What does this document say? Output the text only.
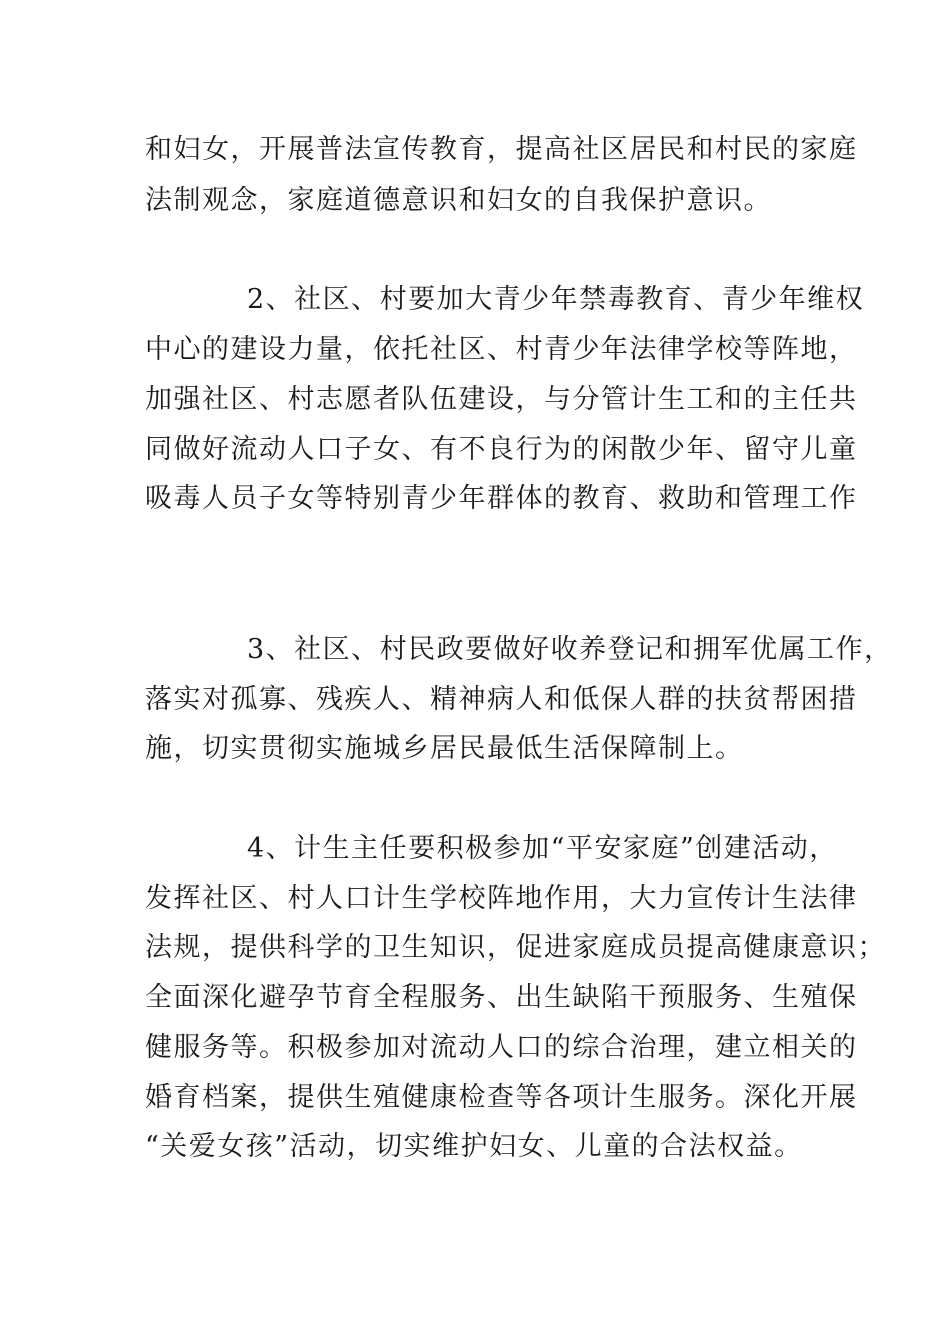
和妇女，开展普法宣传教育，提高社区居民和村民的家庭
法制观念，家庭道德意识和妇女的自我保护意识。
2、社区、村要加大青少年禁毒教育、青少年维权
中心的建设力量，依托社区、村青少年法律学校等阵地，
加强社区、村志愿者队伍建设，与分管计生工和的主任共
同做好流动人口子女、有不良行为的闲散少年、留守儿童
吸毒人员子女等特别青少年群体的教育、救助和管理工作
3、社区、村民政要做好收养登记和拥军优属工作，
落实对孤寡、残疾人、精神病人和低保人群的扶贫帮困措
施，切实贯彻实施城乡居民最低生活保障制上。
4、计生主任要积极参加“平安家庭”创建活动，
发挥社区、村人口计生学校阵地作用，大力宣传计生法律
法规，提供科学的卫生知识，促进家庭成员提高健康意识；
全面深化避孕节育全程服务、出生缺陷干预服务、生殖保
健服务等。积极参加对流动人口的综合治理，建立相关的
婚育档案，提供生殖健康检查等各项计生服务。深化开展
“关爱女孩”活动，切实维护妇女、儿童的合法权益。
